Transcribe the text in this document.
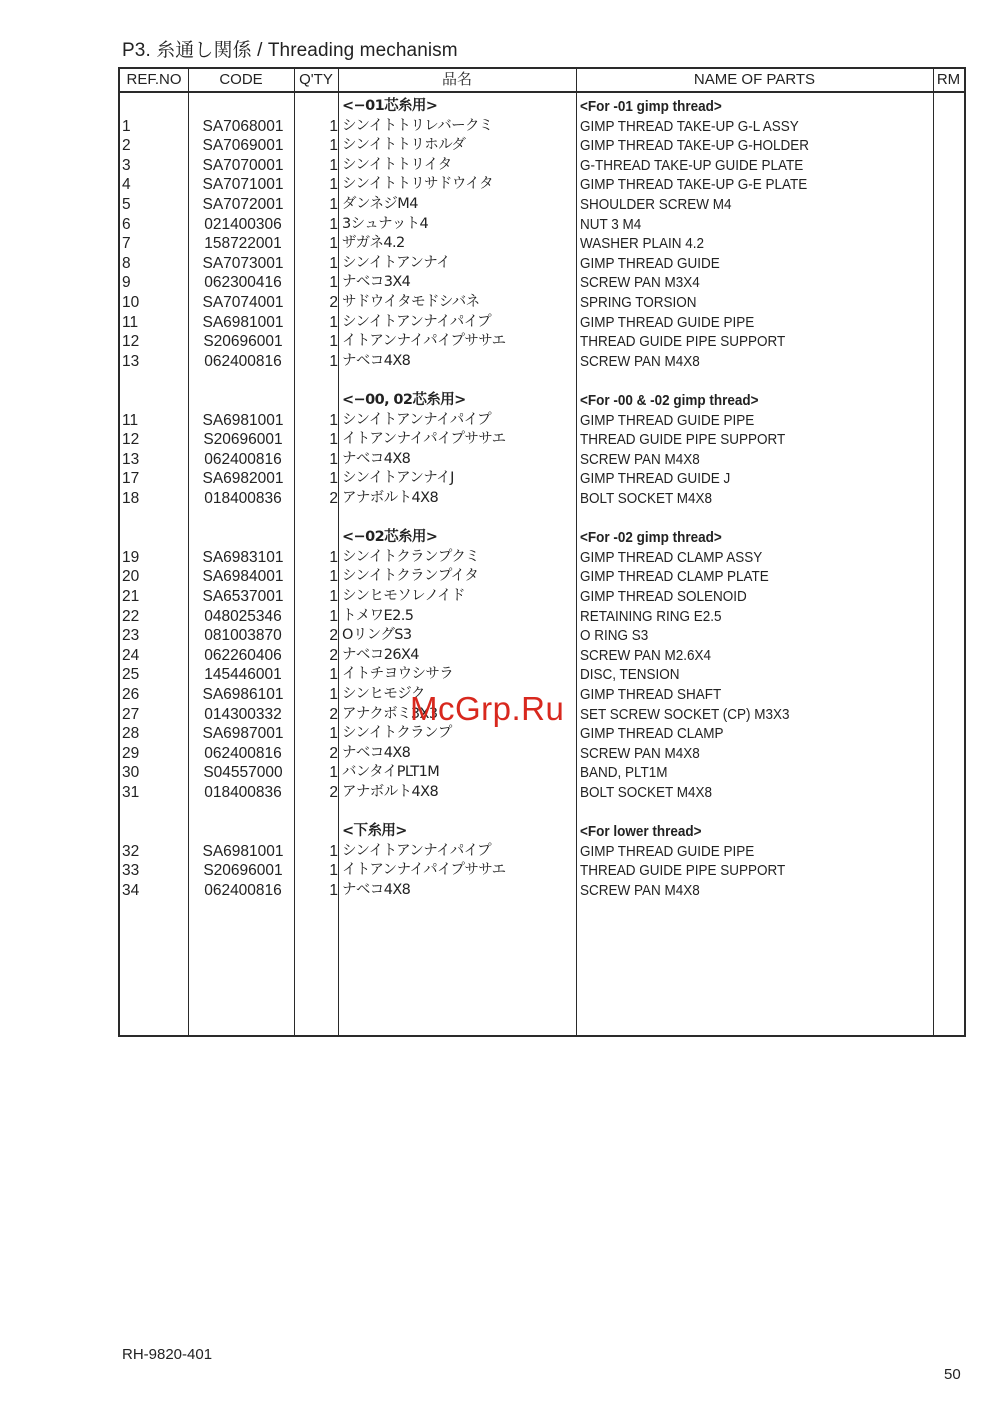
P3. 糸通し関係 / Threading mechanism
REF.NO	CODE	Q'TY	品名	NAME OF PARTS	RM
<−01芯糸用>	<For -01 gimp thread>
1	SA7068001	1 シンイトトリレバークミ	GIMP THREAD TAKE-UP G-L ASSY
2	SA7069001	1 シンイトトリホルダ	GIMP THREAD TAKE-UP G-HOLDER
3	SA7070001	1 シンイトトリイタ	G-THREAD TAKE-UP GUIDE PLATE
4	SA7071001	1 シンイトトリサドウイタ	GIMP THREAD TAKE-UP G-E PLATE
5	SA7072001	1 ダンネジM4	SHOULDER SCREW M4
6	021400306	1 3シュナット4	NUT 3 M4
7	158722001	1 ザガネ4.2	WASHER PLAIN 4.2
8	SA7073001	1 シンイトアンナイ	GIMP THREAD GUIDE
9	062300416	1 ナベコ3X4	SCREW PAN M3X4
10	SA7074001	2 サドウイタモドシバネ	SPRING TORSION
11	SA6981001	1 シンイトアンナイパイプ	GIMP THREAD GUIDE PIPE
12	S20696001	1 イトアンナイパイプササエ	THREAD GUIDE PIPE SUPPORT
13	062400816	1 ナベコ4X8	SCREW PAN M4X8
<−00, 02芯糸用>	<For -00 & -02 gimp thread>
11	SA6981001	1 シンイトアンナイパイプ	GIMP THREAD GUIDE PIPE
12	S20696001	1 イトアンナイパイプササエ	THREAD GUIDE PIPE SUPPORT
13	062400816	1 ナベコ4X8	SCREW PAN M4X8
17	SA6982001	1 シンイトアンナイJ	GIMP THREAD GUIDE J
18	018400836	2 アナボルト4X8	BOLT SOCKET M4X8
<−02芯糸用>	<For -02 gimp thread>
19	SA6983101	1 シンイトクランプクミ	GIMP THREAD CLAMP ASSY
20	SA6984001	1 シンイトクランプイタ	GIMP THREAD CLAMP PLATE
21	SA6537001	1 シンヒモソレノイド	GIMP THREAD SOLENOID
22	048025346	1 トメワE2.5	RETAINING RING E2.5
23	081003870	2 OリングS3	O RING S3
24	062260406	2 ナベコ26X4	SCREW PAN M2.6X4
25	145446001	1 イトチヨウシサラ	DISC, TENSION
26	SA6986101	1 シンヒモジク	GIMP THREAD SHAFT
27	014300332	2 アナクボミ3X3	SET SCREW SOCKET (CP) M3X3
28	SA6987001	1 シンイトクランプ	GIMP THREAD CLAMP
29	062400816	2 ナベコ4X8	SCREW PAN M4X8
30	S04557000	1 バンタイPLT1M	BAND, PLT1M
31	018400836	2 アナボルト4X8	BOLT SOCKET M4X8
<下糸用>	<For lower thread>
32	SA6981001	1 シンイトアンナイパイプ	GIMP THREAD GUIDE PIPE
33	S20696001	1 イトアンナイパイプササエ	THREAD GUIDE PIPE SUPPORT
34	062400816	1 ナベコ4X8	SCREW PAN M4X8
RH-9820-401
50
McGrp.Ru
